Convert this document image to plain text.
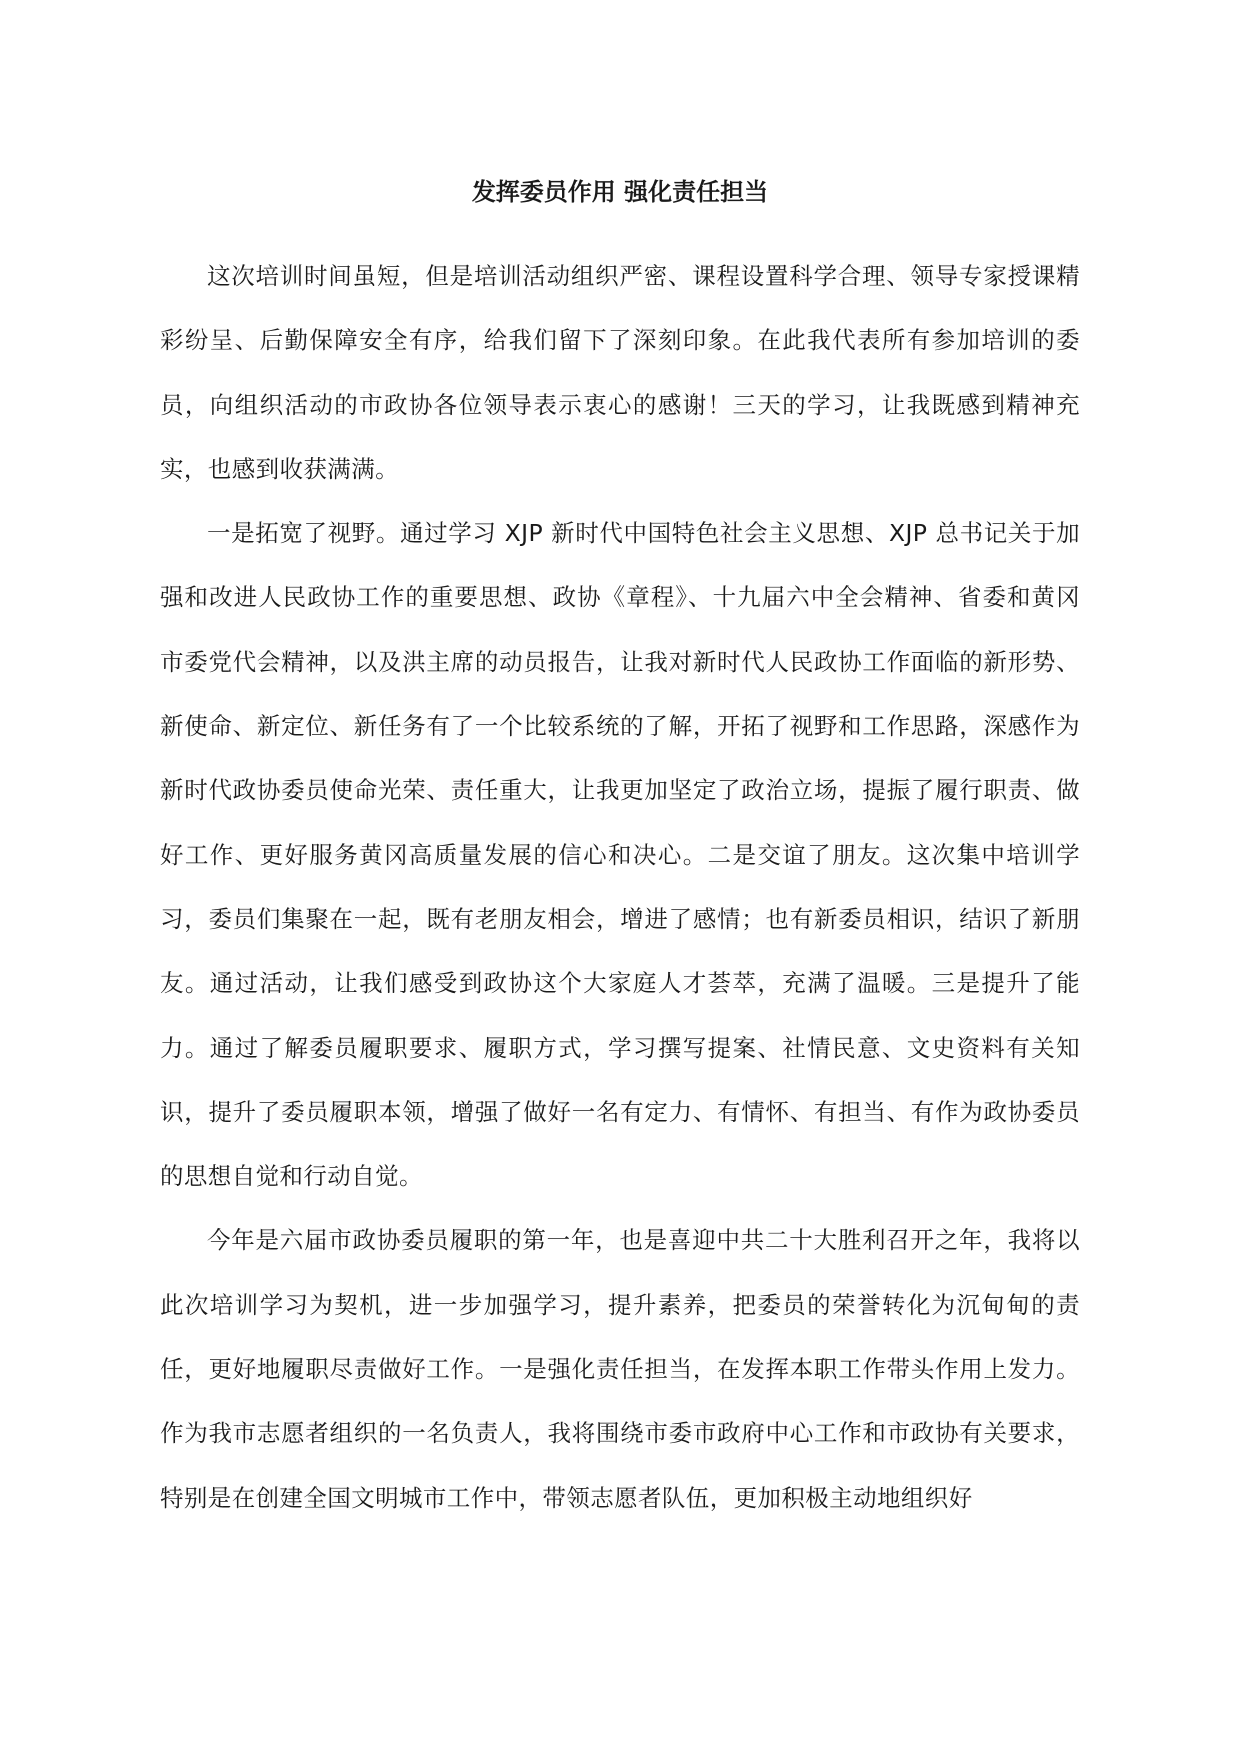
发挥委员作用 强化责任担当

这次培训时间虽短，但是培训活动组织严密、课程设置科学合理、领导专家授课精彩纷呈、后勤保障安全有序，给我们留下了深刻印象。在此我代表所有参加培训的委员，向组织活动的市政协各位领导表示衷心的感谢！三天的学习，让我既感到精神充实，也感到收获满满。

一是拓宽了视野。通过学习 XJP 新时代中国特色社会主义思想、XJP 总书记关于加强和改进人民政协工作的重要思想、政协《章程》、十九届六中全会精神、省委和黄冈市委党代会精神，以及洪主席的动员报告，让我对新时代人民政协工作面临的新形势、新使命、新定位、新任务有了一个比较系统的了解，开拓了视野和工作思路，深感作为新时代政协委员使命光荣、责任重大，让我更加坚定了政治立场，提振了履行职责、做好工作、更好服务黄冈高质量发展的信心和决心。二是交谊了朋友。这次集中培训学习，委员们集聚在一起，既有老朋友相会，增进了感情；也有新委员相识，结识了新朋友。通过活动，让我们感受到政协这个大家庭人才荟萃，充满了温暖。三是提升了能力。通过了解委员履职要求、履职方式，学习撰写提案、社情民意、文史资料有关知识，提升了委员履职本领，增强了做好一名有定力、有情怀、有担当、有作为政协委员的思想自觉和行动自觉。

今年是六届市政协委员履职的第一年，也是喜迎中共二十大胜利召开之年，我将以此次培训学习为契机，进一步加强学习，提升素养，把委员的荣誉转化为沉甸甸的责任，更好地履职尽责做好工作。一是强化责任担当，在发挥本职工作带头作用上发力。作为我市志愿者组织的一名负责人，我将围绕市委市政府中心工作和市政协有关要求，特别是在创建全国文明城市工作中，带领志愿者队伍，更加积极主动地组织好
